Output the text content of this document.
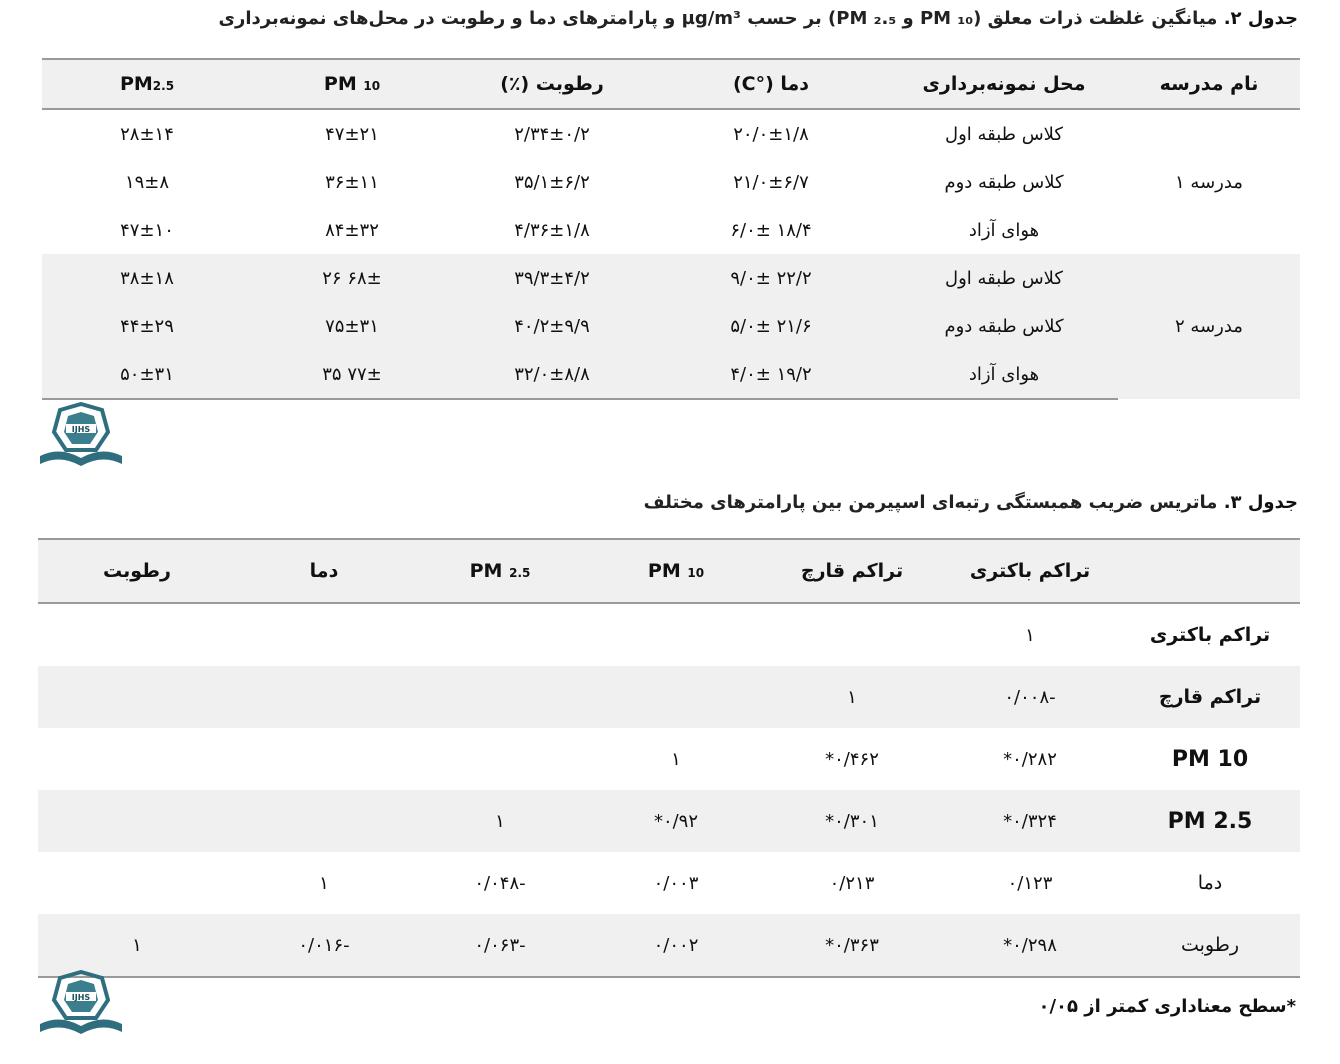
جدول ۲. میانگین غلظت ذرات معلق (PM ₁₀ و PM ₂.₅) بر حسب µg/m³ و پارامترهای دما و رطوبت در محل‌های نمونه‌برداری
نام مدرسه	محل نمونه‌برداری	دما (°C)	رطوبت (٪)	PM 10	PM2.5
مدرسه ۱	کلاس طبقه اول	۲۰/۰±۱/۸	۲/۳۴±۰/۲	۴۷±۲۱	۲۸±۱۴
	کلاس طبقه دوم	۲۱/۰±۶/۷	۳۵/۱±۶/۲	۳۶±۱۱	۱۹±۸
	هوای آزاد	۱۸/۴ ۰±/۶	۴/۳۶±۱/۸	۸۴±۳۲	۴۷±۱۰
مدرسه ۲	کلاس طبقه اول	۲۲/۲ ۰±/۹	۳۹/۳±۴/۲	۶۸± ۲۶	۳۸±۱۸
	کلاس طبقه دوم	۲۱/۶ ۰±/۵	۴۰/۲±۹/۹	۷۵±۳۱	۴۴±۲۹
	هوای آزاد	۱۹/۲ ۰±/۴	۳۲/۰±۸/۸	۷۷± ۳۵	۵۰±۳۱
IJHS
جدول ۳. ماتریس ضریب همبستگی رتبه‌ای اسپیرمن بین پارامترهای مختلف
	تراکم باکتری	تراکم قارچ	PM 10	PM 2.5	دما	رطوبت
تراکم باکتری	۱					
تراکم قارچ	-۰/۰۰۸	۱				
PM 10	۰/۲۸۲*	۰/۴۶۲*	۱			
PM 2.5	۰/۳۲۴*	۰/۳۰۱*	۰/۹۲*	۱		
دما	۰/۱۲۳	۰/۲۱۳	۰/۰۰۳	-۰/۰۴۸	۱	
رطوبت	۰/۲۹۸*	۰/۳۶۳*	۰/۰۰۲	-۰/۰۶۳	-۰/۰۱۶	۱
IJHS	*سطح معناداری کمتر از ۰/۰۵
